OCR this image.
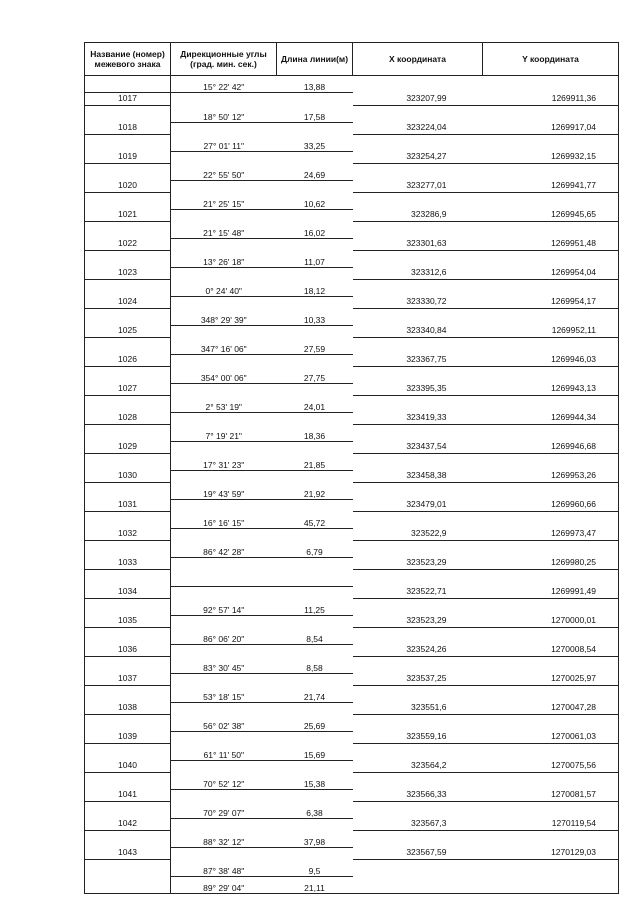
Название (номер) межевого знака	Дирекционные углы (град. мин. сек.)	Длина линии(м)	X координата	Y координата
	15° 22' 42"	13,88		
1017			323207,99	1269911,36
	18° 50' 12"	17,58		
1018			323224,04	1269917,04
	27° 01' 11"	33,25		
1019			323254,27	1269932,15
	22° 55' 50"	24,69		
1020			323277,01	1269941,77
	21° 25' 15"	10,62		
1021			323286,9	1269945,65
	21° 15' 48"	16,02		
1022			323301,63	1269951,48
	13° 26' 18"	11,07		
1023			323312,6	1269954,04
	0° 24' 40"	18,12		
1024			323330,72	1269954,17
	348° 29' 39"	10,33		
1025			323340,84	1269952,11
	347° 16' 06"	27,59		
1026			323367,75	1269946,03
	354° 00' 06"	27,75		
1027			323395,35	1269943,13
	2° 53' 19"	24,01		
1028			323419,33	1269944,34
	7° 19' 21"	18,36		
1029			323437,54	1269946,68
	17° 31' 23"	21,85		
1030			323458,38	1269953,26
	19° 43' 59"	21,92		
1031			323479,01	1269960,66
	16° 16' 15"	45,72		
1032			323522,9	1269973,47
	86° 42' 28"	6,79		
1033			323523,29	1269980,25

1034			323522,71	1269991,49
	92° 57' 14"	11,25		
1035			323523,29	1270000,01
	86° 06' 20"	8,54		
1036			323524,26	1270008,54
	83° 30' 45"	8,58		
1037			323537,25	1270025,97
	53° 18' 15"	21,74		
1038			323551,6	1270047,28
	56° 02' 38"	25,69		
1039			323559,16	1270061,03
	61° 11' 50"	15,69		
1040			323564,2	1270075,56
	70° 52' 12"	15,38		
1041			323566,33	1270081,57
	70° 29' 07"	6,38		
1042			323567,3	1270119,54
	88° 32' 12"	37,98		
1043			323567,59	1270129,03
	87° 38' 48"	9,5		
	89° 29' 04"	21,11		
